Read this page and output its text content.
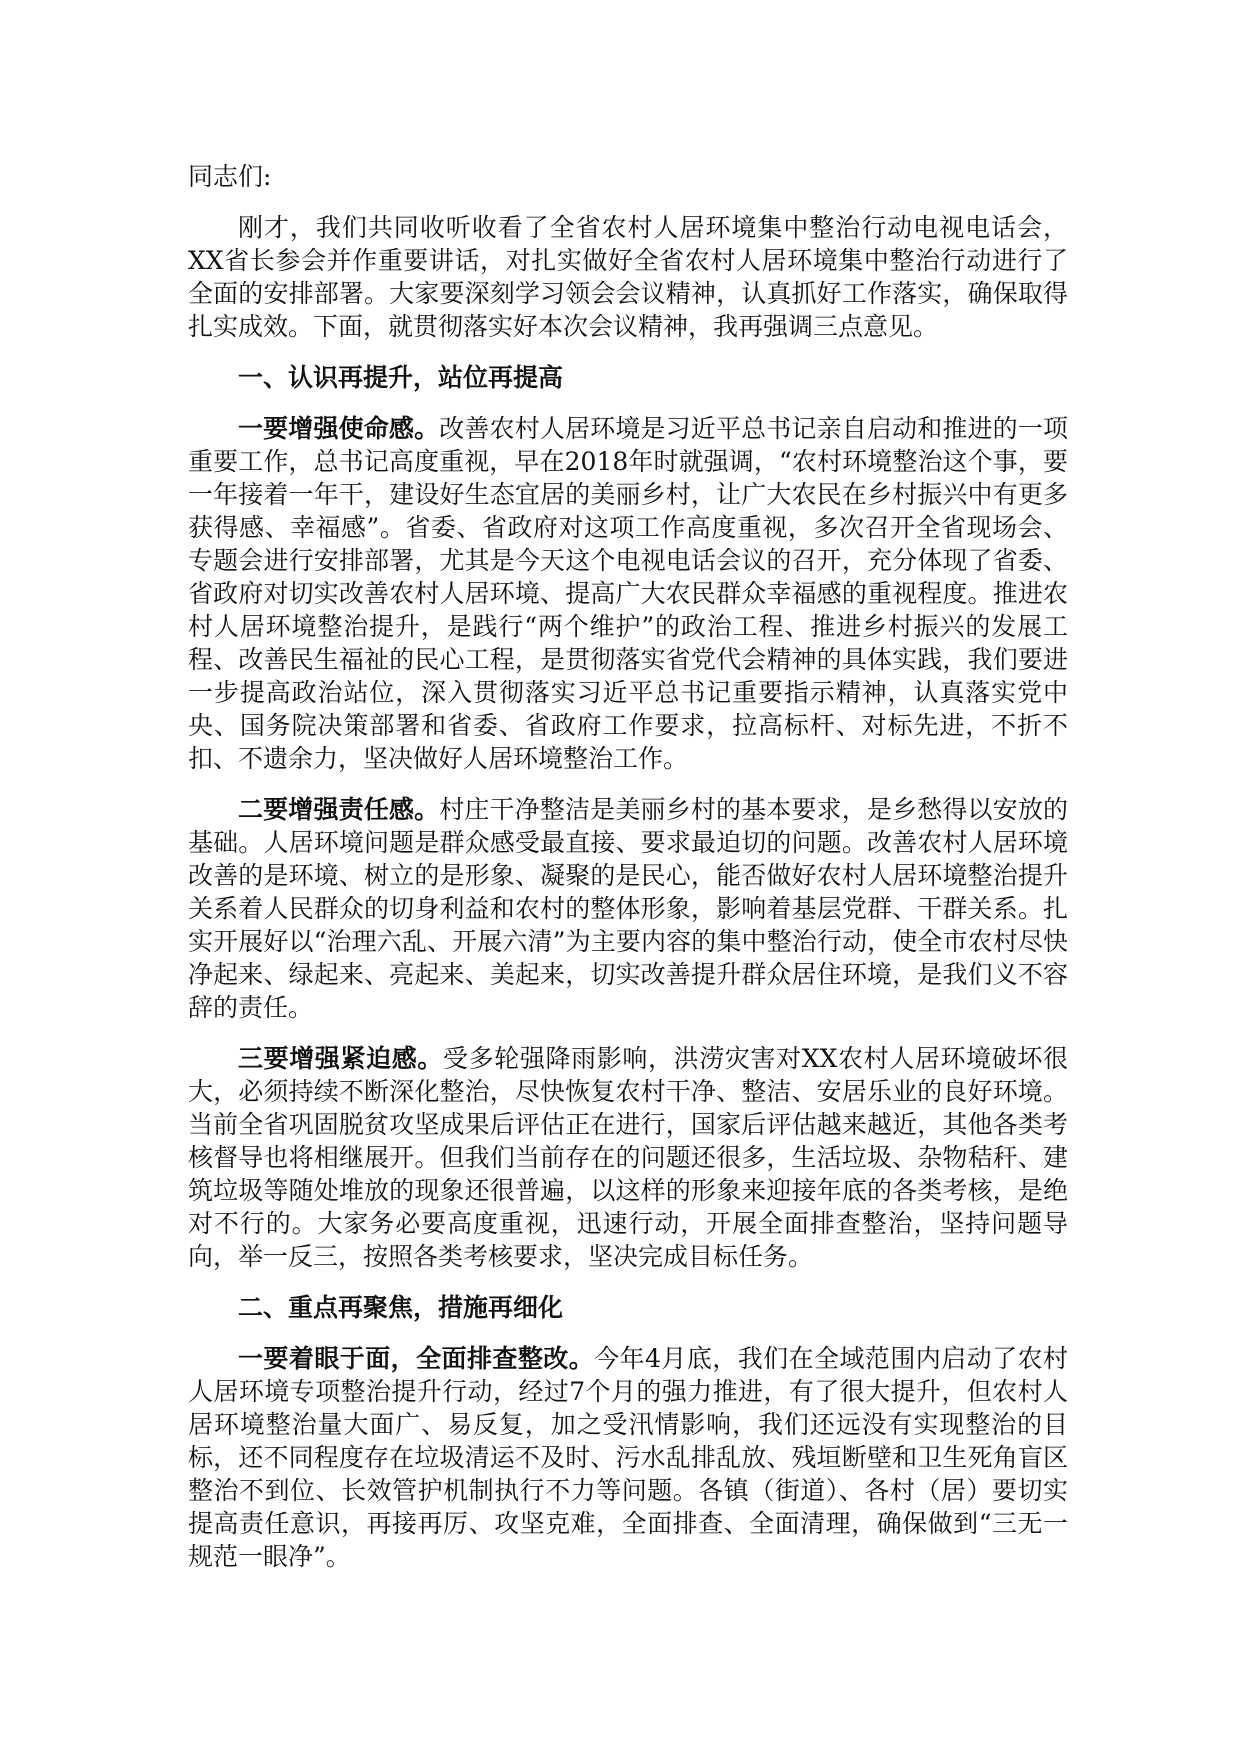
同志们:

刚才，我们共同收听收看了全省农村人居环境集中整治行动电视电话会，XX省长参会并作重要讲话，对扎实做好全省农村人居环境集中整治行动进行了全面的安排部署。大家要深刻学习领会会议精神，认真抓好工作落实，确保取得扎实成效。下面，就贯彻落实好本次会议精神，我再强调三点意见。

一、认识再提升，站位再提高

一要增强使命感。改善农村人居环境是习近平总书记亲自启动和推进的一项重要工作，总书记高度重视，早在2018年时就强调，“农村环境整治这个事，要一年接着一年干，建设好生态宜居的美丽乡村，让广大农民在乡村振兴中有更多获得感、幸福感”。省委、省政府对这项工作高度重视，多次召开全省现场会、专题会进行安排部署，尤其是今天这个电视电话会议的召开，充分体现了省委、省政府对切实改善农村人居环境、提高广大农民群众幸福感的重视程度。推进农村人居环境整治提升，是践行“两个维护”的政治工程、推进乡村振兴的发展工程、改善民生福祉的民心工程，是贯彻落实省党代会精神的具体实践，我们要进一步提高政治站位，深入贯彻落实习近平总书记重要指示精神，认真落实党中央、国务院决策部署和省委、省政府工作要求，拉高标杆、对标先进，不折不扣、不遗余力，坚决做好人居环境整治工作。

二要增强责任感。村庄干净整洁是美丽乡村的基本要求，是乡愁得以安放的基础。人居环境问题是群众感受最直接、要求最迫切的问题。改善农村人居环境改善的是环境、树立的是形象、凝聚的是民心，能否做好农村人居环境整治提升关系着人民群众的切身利益和农村的整体形象，影响着基层党群、干群关系。扎实开展好以“治理六乱、开展六清”为主要内容的集中整治行动，使全市农村尽快净起来、绿起来、亮起来、美起来，切实改善提升群众居住环境，是我们义不容辞的责任。

三要增强紧迫感。受多轮强降雨影响，洪涝灾害对XX农村人居环境破坏很大，必须持续不断深化整治，尽快恢复农村干净、整洁、安居乐业的良好环境。当前全省巩固脱贫攻坚成果后评估正在进行，国家后评估越来越近，其他各类考核督导也将相继展开。但我们当前存在的问题还很多，生活垃圾、杂物秸秆、建筑垃圾等随处堆放的现象还很普遍，以这样的形象来迎接年底的各类考核，是绝对不行的。大家务必要高度重视，迅速行动，开展全面排查整治，坚持问题导向，举一反三，按照各类考核要求，坚决完成目标任务。

二、重点再聚焦，措施再细化

一要着眼于面，全面排查整改。今年4月底，我们在全域范围内启动了农村人居环境专项整治提升行动，经过7个月的强力推进，有了很大提升，但农村人居环境整治量大面广、易反复，加之受汛情影响，我们还远没有实现整治的目标，还不同程度存在垃圾清运不及时、污水乱排乱放、残垣断壁和卫生死角盲区整治不到位、长效管护机制执行不力等问题。各镇（街道）、各村（居）要切实提高责任意识，再接再厉、攻坚克难，全面排查、全面清理，确保做到“三无一规范一眼净”。
